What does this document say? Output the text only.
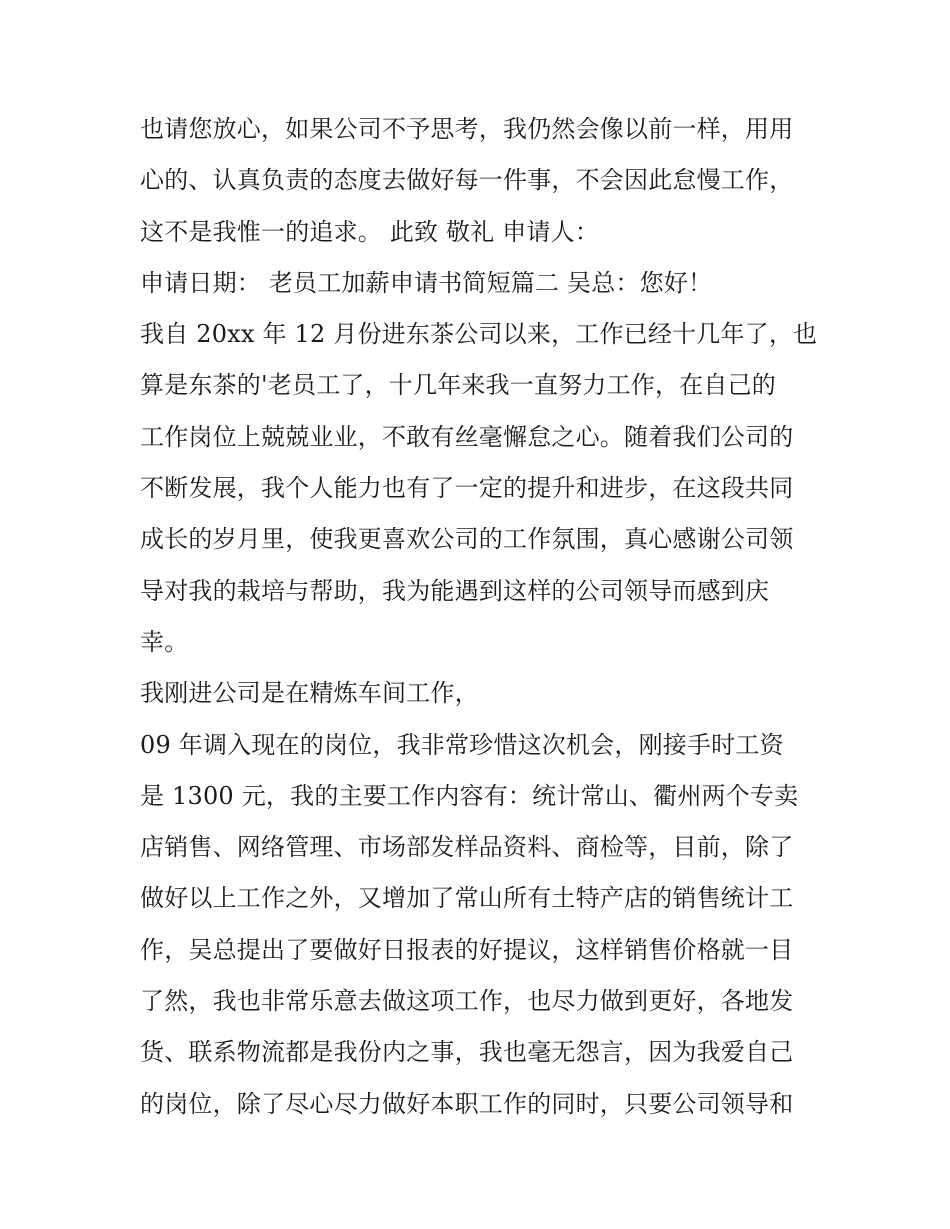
也请您放心，如果公司不予思考，我仍然会像以前一样，用用
心的、认真负责的态度去做好每一件事，不会因此怠慢工作，
这不是我惟一的追求。 此致 敬礼 申请人：
申请日期： 老员工加薪申请书简短篇二 吴总：您好！
我自 20xx 年 12 月份进东茶公司以来，工作已经十几年了，也
算是东茶的'老员工了，十几年来我一直努力工作，在自己的
工作岗位上兢兢业业，不敢有丝毫懈怠之心。随着我们公司的
不断发展，我个人能力也有了一定的提升和进步，在这段共同
成长的岁月里，使我更喜欢公司的工作氛围，真心感谢公司领
导对我的栽培与帮助，我为能遇到这样的公司领导而感到庆
幸。
我刚进公司是在精炼车间工作，
09 年调入现在的岗位，我非常珍惜这次机会，刚接手时工资
是 1300 元，我的主要工作内容有：统计常山、衢州两个专卖
店销售、网络管理、市场部发样品资料、商检等，目前，除了
做好以上工作之外，又增加了常山所有土特产店的销售统计工
作，吴总提出了要做好日报表的好提议，这样销售价格就一目
了然，我也非常乐意去做这项工作，也尽力做到更好，各地发
货、联系物流都是我份内之事，我也毫无怨言，因为我爱自己
的岗位，除了尽心尽力做好本职工作的同时，只要公司领导和
